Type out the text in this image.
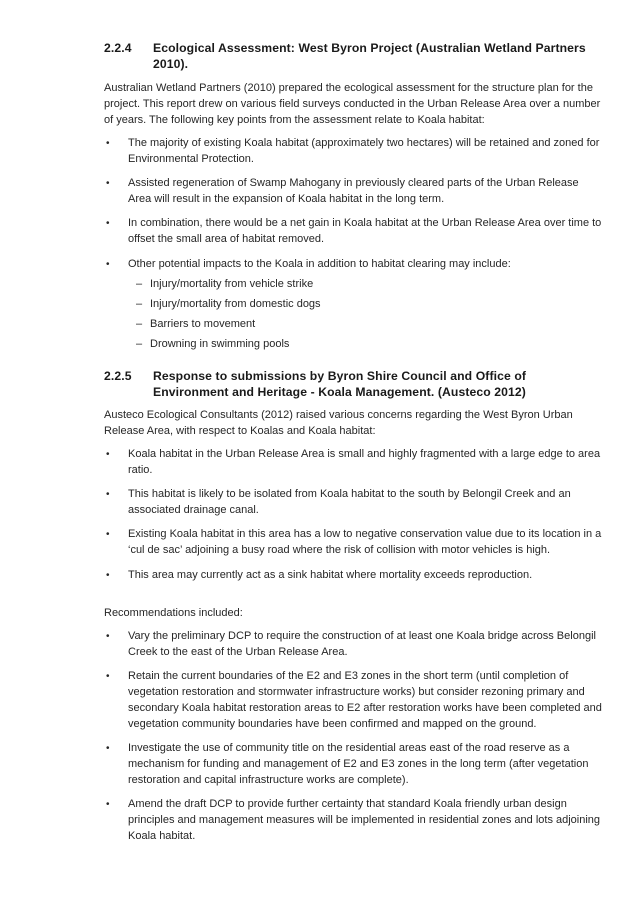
2.2.4	Ecological Assessment: West Byron Project (Australian Wetland Partners 2010).
Australian Wetland Partners (2010) prepared the ecological assessment for the structure plan for the project. This report drew on various field surveys conducted in the Urban Release Area over a number of years. The following key points from the assessment relate to Koala habitat:
• The majority of existing Koala habitat (approximately two hectares) will be retained and zoned for Environmental Protection.
• Assisted regeneration of Swamp Mahogany in previously cleared parts of the Urban Release Area will result in the expansion of Koala habitat in the long term.
• In combination, there would be a net gain in Koala habitat at the Urban Release Area over time to offset the small area of habitat removed.
• Other potential impacts to the Koala in addition to habitat clearing may include:
– Injury/mortality from vehicle strike
– Injury/mortality from domestic dogs
– Barriers to movement
– Drowning in swimming pools
2.2.5	Response to submissions by Byron Shire Council and Office of Environment and Heritage - Koala Management. (Austeco 2012)
Austeco Ecological Consultants (2012) raised various concerns regarding the West Byron Urban Release Area, with respect to Koalas and Koala habitat:
• Koala habitat in the Urban Release Area is small and highly fragmented with a large edge to area ratio.
• This habitat is likely to be isolated from Koala habitat to the south by Belongil Creek and an associated drainage canal.
• Existing Koala habitat in this area has a low to negative conservation value due to its location in a ‘cul de sac’ adjoining a busy road where the risk of collision with motor vehicles is high.
• This area may currently act as a sink habitat where mortality exceeds reproduction.
Recommendations included:
• Vary the preliminary DCP to require the construction of at least one Koala bridge across Belongil Creek to the east of the Urban Release Area.
• Retain the current boundaries of the E2 and E3 zones in the short term (until completion of vegetation restoration and stormwater infrastructure works) but consider rezoning primary and secondary Koala habitat restoration areas to E2 after restoration works have been completed and vegetation community boundaries have been confirmed and mapped on the ground.
• Investigate the use of community title on the residential areas east of the road reserve as a mechanism for funding and management of E2 and E3 zones in the long term (after vegetation restoration and capital infrastructure works are complete).
• Amend the draft DCP to provide further certainty that standard Koala friendly urban design principles and management measures will be implemented in residential zones and lots adjoining Koala habitat.
